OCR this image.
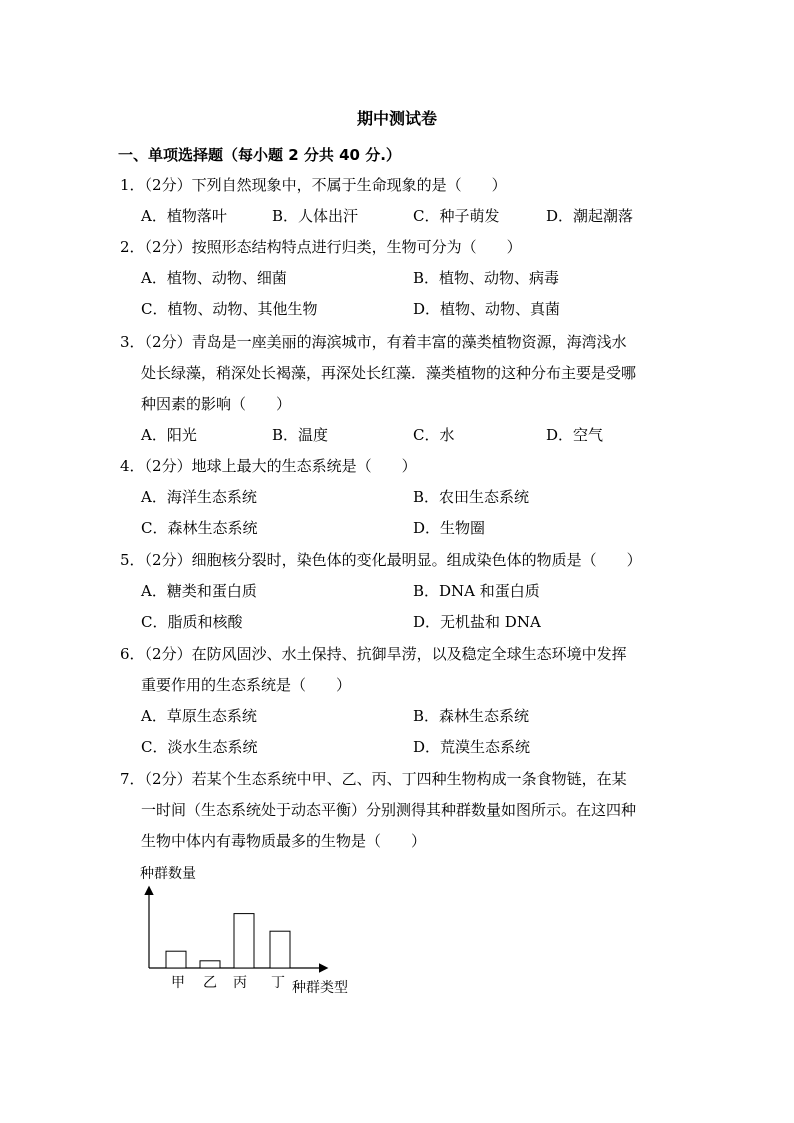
期中测试卷
一、单项选择题（每小题 2 分共 40 分.）
1．（2分）下列自然现象中，不属于生命现象的是（　　）
A．植物落叶	B．人体出汗	C．种子萌发	D．潮起潮落
2．（2分）按照形态结构特点进行归类，生物可分为（　　）
A．植物、动物、细菌	B．植物、动物、病毒
C．植物、动物、其他生物	D．植物、动物、真菌
3．（2分）青岛是一座美丽的海滨城市，有着丰富的藻类植物资源，海湾浅水
处长绿藻，稍深处长褐藻，再深处长红藻．藻类植物的这种分布主要是受哪
种因素的影响（　　）
A．阳光	B．温度	C．水	D．空气
4．（2分）地球上最大的生态系统是（　　）
A．海洋生态系统	B．农田生态系统
C．森林生态系统	D．生物圈
5．（2分）细胞核分裂时，染色体的变化最明显。组成染色体的物质是（　　）
A．糖类和蛋白质	B．DNA 和蛋白质
C．脂质和核酸	D．无机盐和 DNA
6．（2分）在防风固沙、水土保持、抗御旱涝，以及稳定全球生态环境中发挥
重要作用的生态系统是（　　）
A．草原生态系统	B．森林生态系统
C．淡水生态系统	D．荒漠生态系统
7．（2分）若某个生态系统中甲、乙、丙、丁四种生物构成一条食物链，在某
一时间（生态系统处于动态平衡）分别测得其种群数量如图所示。在这四种
生物中体内有毒物质最多的生物是（　　）
种群数量
甲 乙 丙 丁 种群类型
